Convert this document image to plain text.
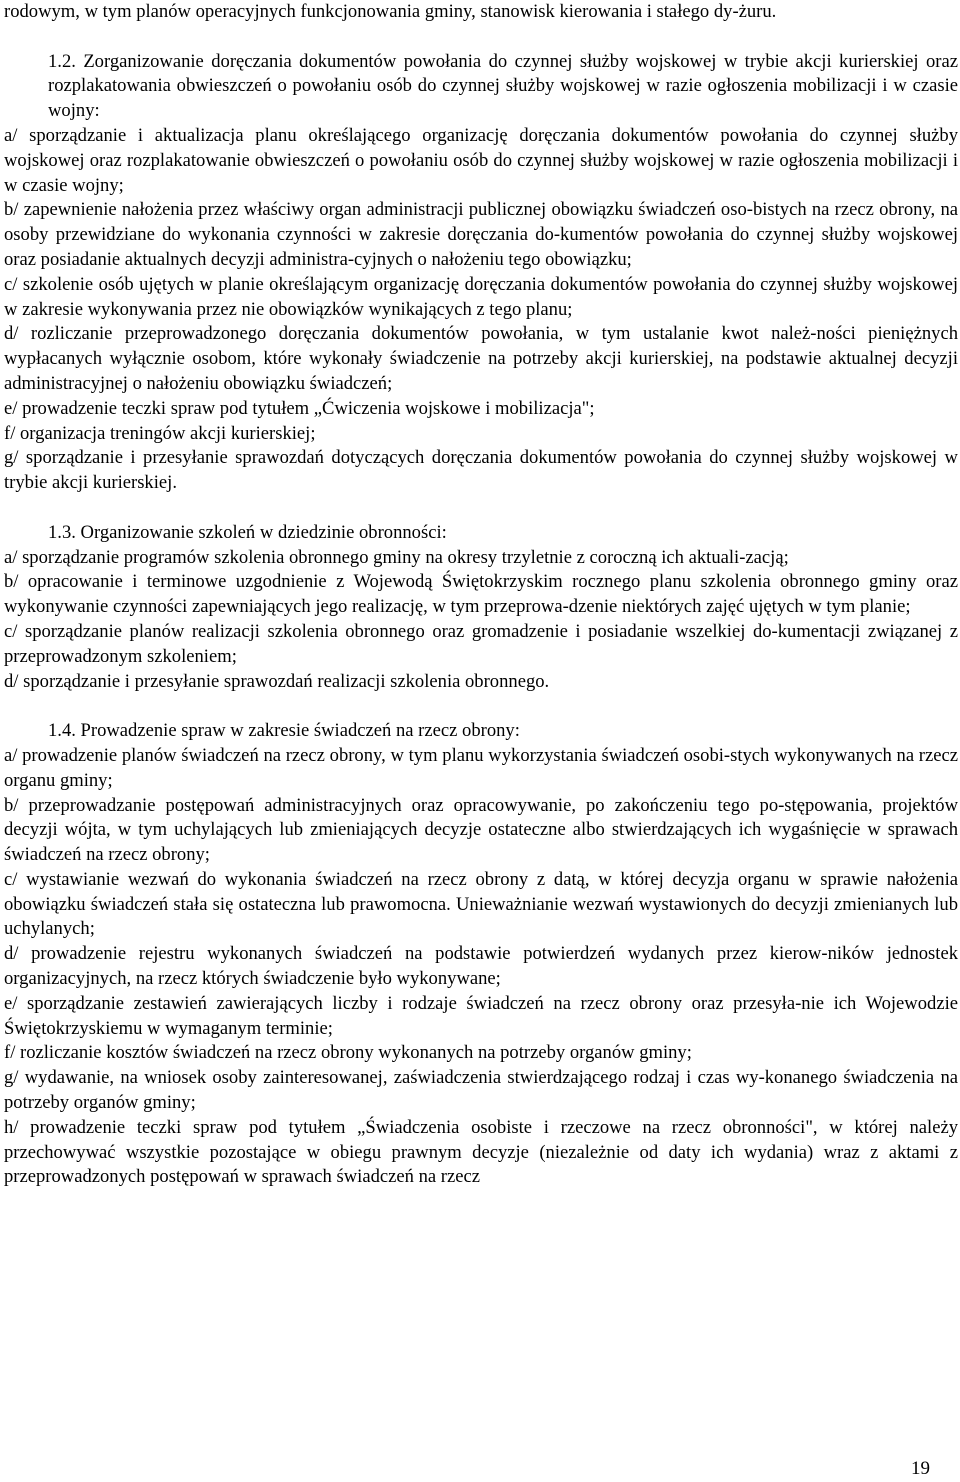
rodowym, w tym planów operacyjnych funkcjonowania gminy, stanowisk kierowania i stałego dy-żuru.

1.2. Zorganizowanie doręczania dokumentów powołania do czynnej służby wojskowej w trybie akcji kurierskiej oraz rozplakatowania obwieszczeń o powołaniu osób do czynnej służby wojskowej w razie ogłoszenia mobilizacji i w czasie wojny:

a/ sporządzanie i aktualizacja planu określającego organizację doręczania dokumentów powołania do czynnej służby wojskowej oraz rozplakatowanie obwieszczeń o powołaniu osób do czynnej służby wojskowej w razie ogłoszenia mobilizacji i w czasie wojny;

b/ zapewnienie nałożenia przez właściwy organ administracji publicznej obowiązku świadczeń oso-bistych na rzecz obrony, na osoby przewidziane do wykonania czynności w zakresie doręczania do-kumentów powołania do czynnej służby wojskowej oraz posiadanie aktualnych decyzji administra-cyjnych o nałożeniu tego obowiązku;

c/ szkolenie osób ujętych w planie określającym organizację doręczania dokumentów powołania do czynnej służby wojskowej w zakresie wykonywania przez nie obowiązków wynikających z tego planu;

d/ rozliczanie przeprowadzonego doręczania dokumentów powołania, w tym ustalanie kwot należ-ności pieniężnych wypłacanych wyłącznie osobom, które wykonały świadczenie na potrzeby akcji kurierskiej, na podstawie aktualnej decyzji administracyjnej o nałożeniu obowiązku świadczeń;

e/ prowadzenie teczki spraw pod tytułem „Ćwiczenia wojskowe i mobilizacja";

f/ organizacja treningów akcji kurierskiej;

g/ sporządzanie i przesyłanie sprawozdań dotyczących doręczania dokumentów powołania do czynnej służby wojskowej w trybie akcji kurierskiej.

1.3. Organizowanie szkoleń w dziedzinie obronności:

a/ sporządzanie programów szkolenia obronnego gminy na okresy trzyletnie z coroczną ich aktuali-zacją;

b/ opracowanie i terminowe uzgodnienie z Wojewodą Świętokrzyskim rocznego planu szkolenia obronnego gminy oraz wykonywanie czynności zapewniających jego realizację, w tym przeprowa-dzenie niektórych zajęć ujętych w tym planie;

c/ sporządzanie planów realizacji szkolenia obronnego oraz gromadzenie i posiadanie wszelkiej do-kumentacji związanej z przeprowadzonym szkoleniem;

d/ sporządzanie i przesyłanie sprawozdań realizacji szkolenia obronnego.

1.4. Prowadzenie spraw w zakresie świadczeń na rzecz obrony:

a/ prowadzenie planów świadczeń na rzecz obrony, w tym planu wykorzystania świadczeń osobi-stych wykonywanych na rzecz organu gminy;

b/ przeprowadzanie postępowań administracyjnych oraz opracowywanie, po zakończeniu tego po-stępowania, projektów decyzji wójta, w tym uchylających lub zmieniających decyzje ostateczne albo stwierdzających ich wygaśnięcie w sprawach świadczeń na rzecz obrony;

c/ wystawianie wezwań do wykonania świadczeń na rzecz obrony z datą, w której decyzja organu w sprawie nałożenia obowiązku świadczeń stała się ostateczna lub prawomocna. Unieważnianie wezwań wystawionych do decyzji zmienianych lub uchylanych;

d/ prowadzenie rejestru wykonanych świadczeń na podstawie potwierdzeń wydanych przez kierow-ników jednostek organizacyjnych, na rzecz których świadczenie było wykonywane;

e/ sporządzanie zestawień zawierających liczby i rodzaje świadczeń na rzecz obrony oraz przesyła-nie ich Wojewodzie Świętokrzyskiemu w wymaganym terminie;

f/ rozliczanie kosztów świadczeń na rzecz obrony wykonanych na potrzeby organów gminy;

g/ wydawanie, na wniosek osoby zainteresowanej, zaświadczenia stwierdzającego rodzaj i czas wy-konanego świadczenia na potrzeby organów gminy;

h/ prowadzenie teczki spraw pod tytułem „Świadczenia osobiste i rzeczowe na rzecz obronności", w której należy przechowywać wszystkie pozostające w obiegu prawnym decyzje (niezależnie od daty ich wydania) wraz z aktami z przeprowadzonych postępowań w sprawach świadczeń na rzecz

19
